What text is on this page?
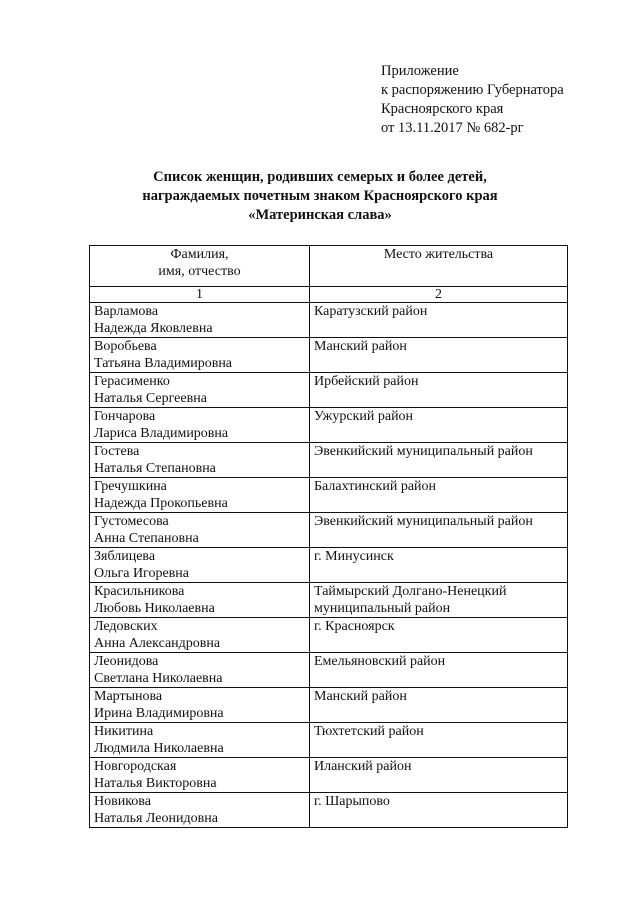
Приложение
к распоряжению Губернатора
Красноярского края
от 13.11.2017 № 682-рг
Список женщин, родивших семерых и более детей,
награждаемых почетным знаком Красноярского края
«Материнская слава»
Фамилия,
имя, отчество	Место жительства
1	2

Варламова
Надежда Яковлевна	Каратузский район

Воробьева
Татьяна Владимировна	Манский район

Герасименко
Наталья Сергеевна	Ирбейский район

Гончарова
Лариса Владимировна	Ужурский район

Гостева
Наталья Степановна	Эвенкийский муниципальный район

Гречушкина
Надежда Прокопьевна	Балахтинский район

Густомесова
Анна Степановна	Эвенкийский муниципальный район

Зяблицева
Ольга Игоревна	г. Минусинск

Красильникова
Любовь Николаевна	Таймырский Долгано-Ненецкий
муниципальный район

Ледовских
Анна Александровна	г. Красноярск

Леонидова
Светлана Николаевна	Емельяновский район

Мартынова
Ирина Владимировна	Манский район

Никитина
Людмила Николаевна	Тюхтетский район

Новгородская
Наталья Викторовна	Иланский район

Новикова
Наталья Леонидовна	г. Шарыпово
